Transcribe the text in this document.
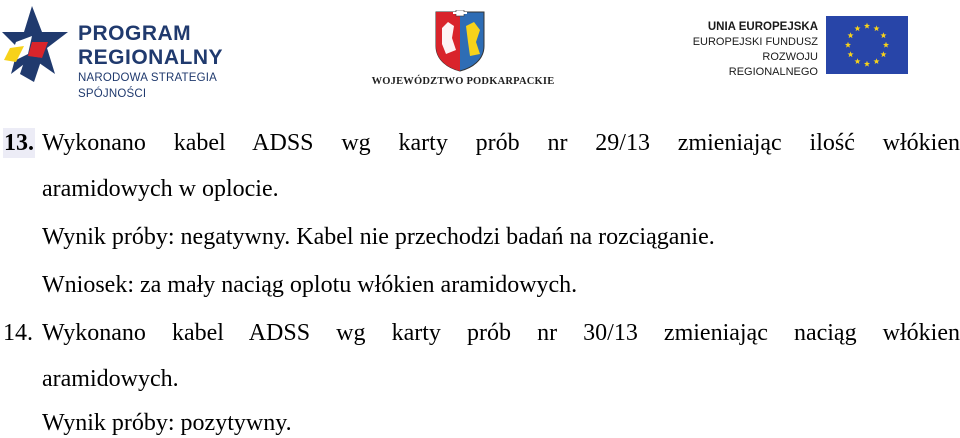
PROGRAM
REGIONALNY
NARODOWA STRATEGIA SPÓJNOŚCI
WOJEWÓDZTWO PODKARPACKIE
UNIA EUROPEJSKA
EUROPEJSKI FUNDUSZ
ROZWOJU REGIONALNEGO
13. Wykonano kabel ADSS wg karty prób nr 29/13 zmieniając ilość włókien
aramidowych w oplocie.
Wynik próby: negatywny. Kabel nie przechodzi badań na rozciąganie.
Wniosek: za mały naciąg oplotu włókien aramidowych.
14. Wykonano kabel ADSS wg karty prób nr 30/13 zmieniając naciąg włókien
aramidowych.
Wynik próby: pozytywny.
